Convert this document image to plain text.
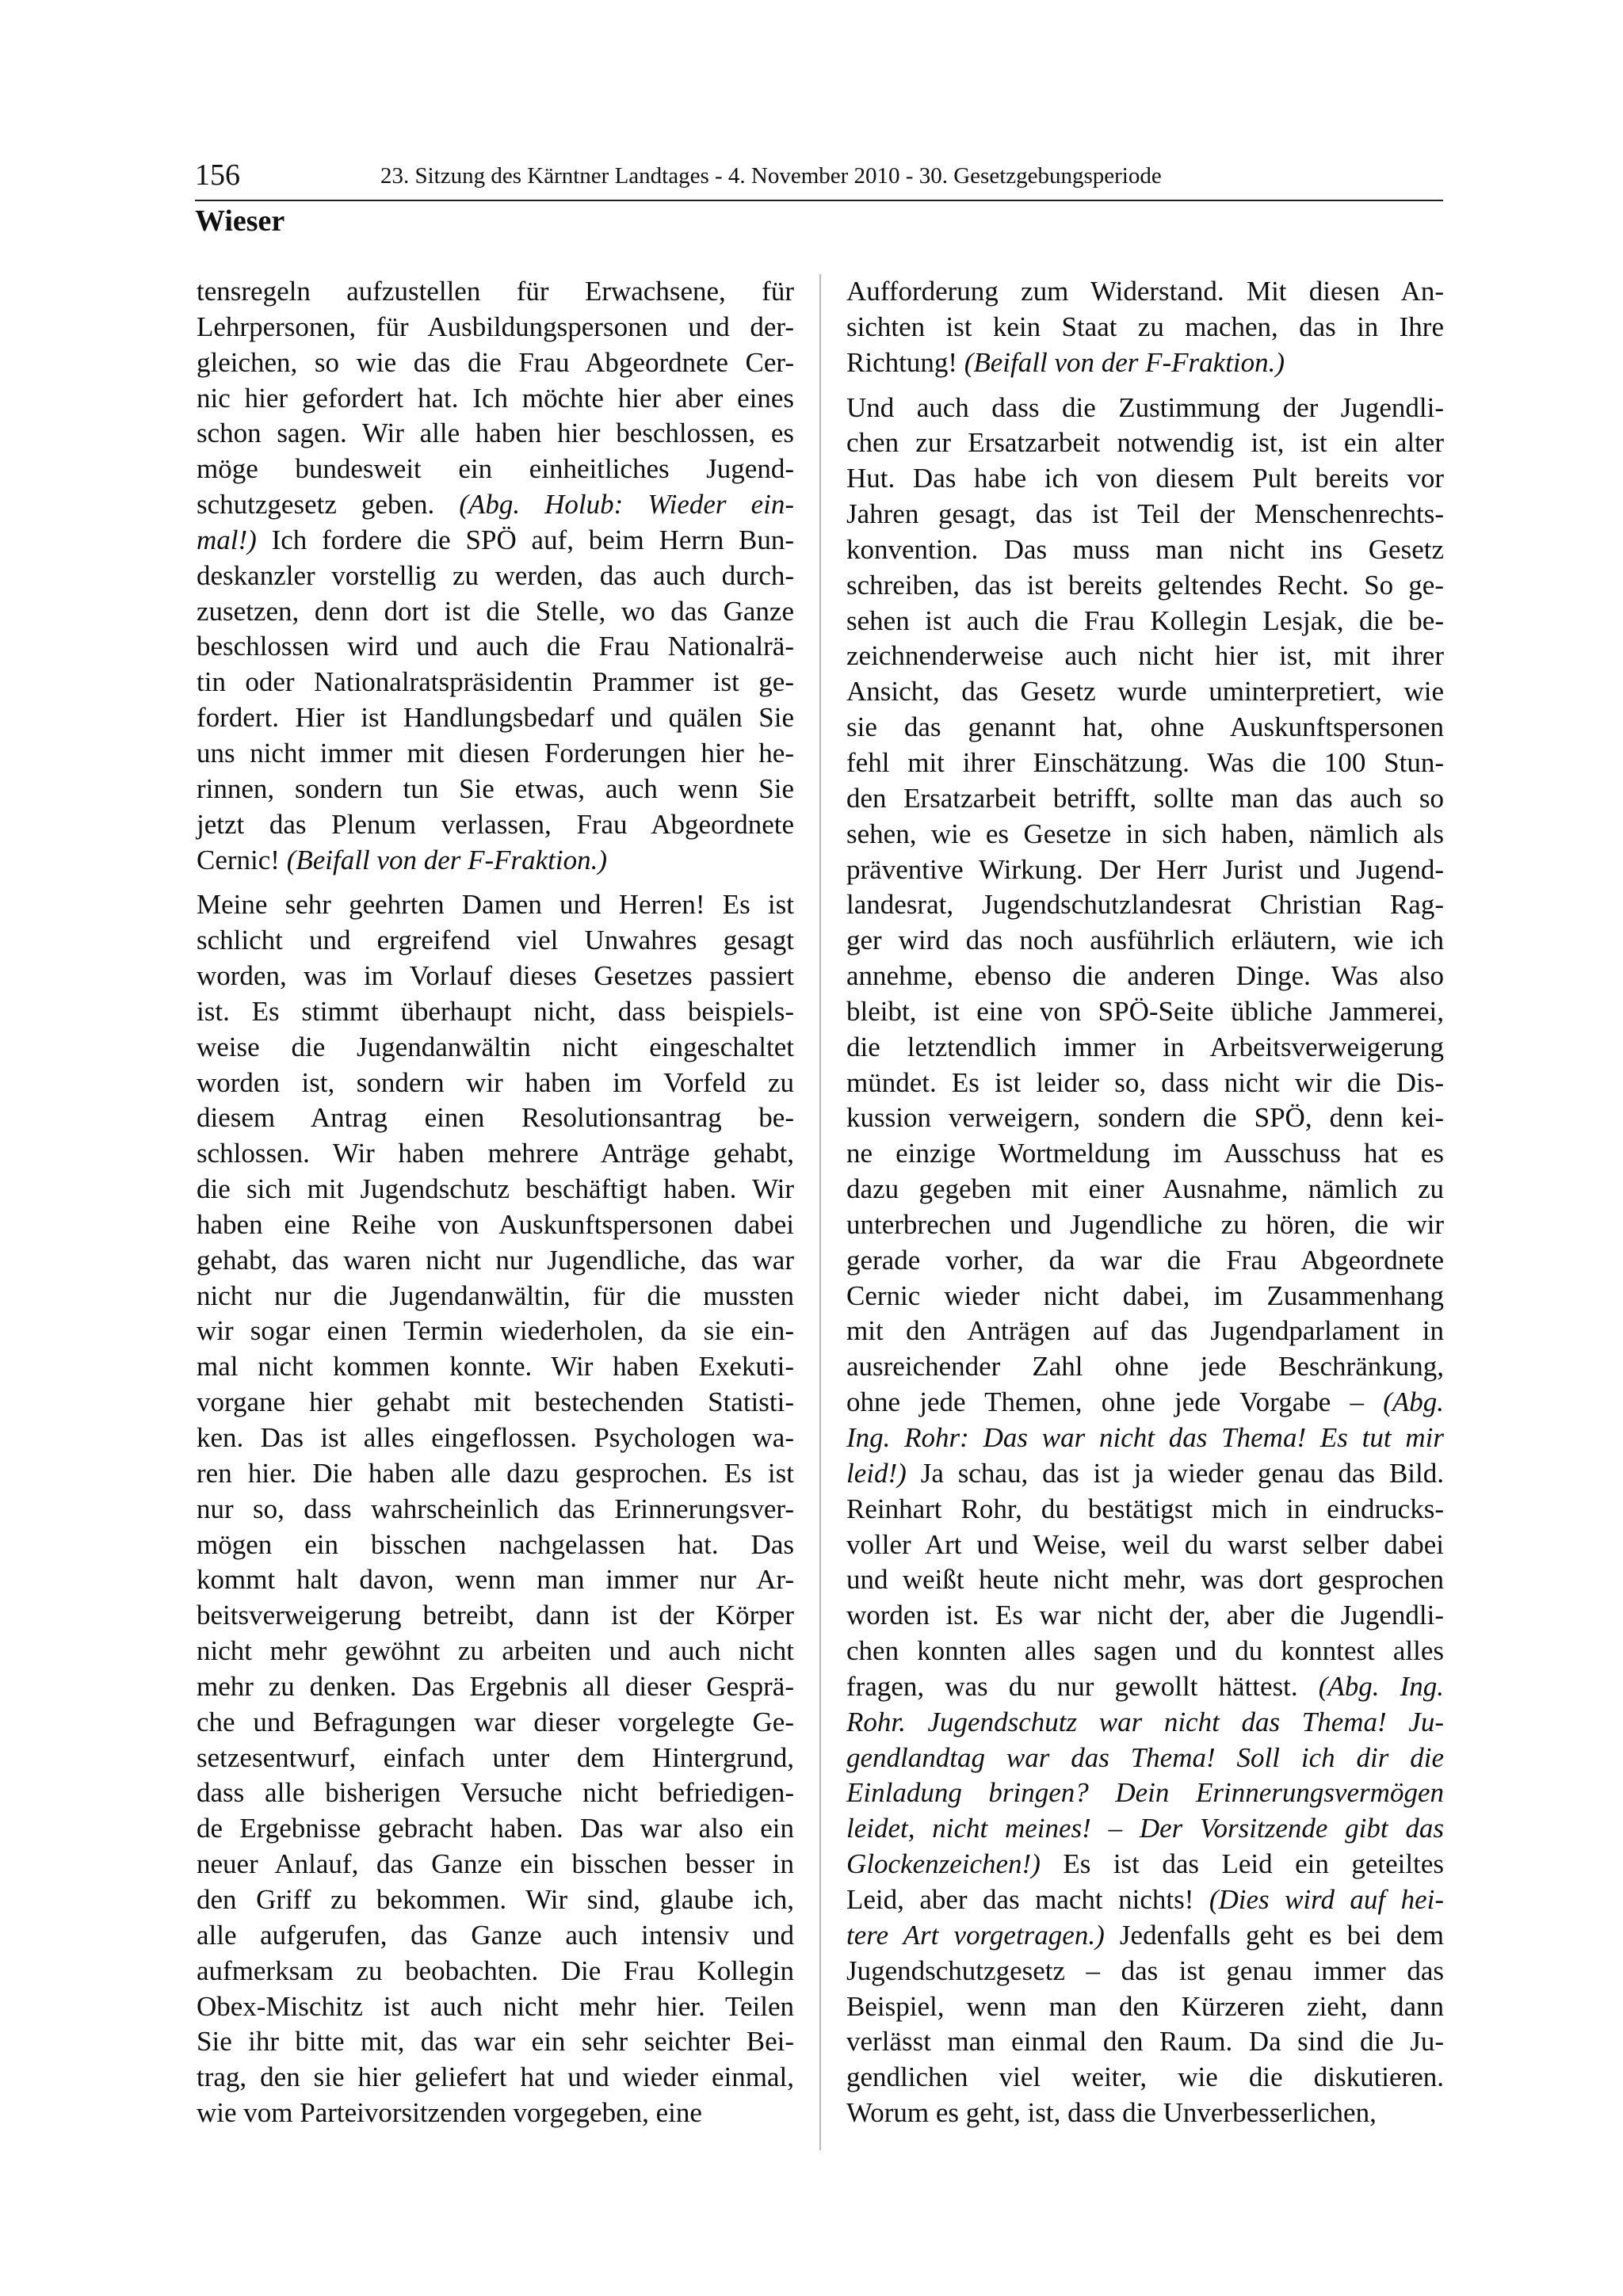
156	23. Sitzung des Kärntner Landtages - 4. November 2010 - 30. Gesetzgebungsperiode
Wieser
tensregeln aufzustellen für Erwachsene, für
Lehrpersonen, für Ausbildungspersonen und der-
gleichen, so wie das die Frau Abgeordnete Cer-
nic hier gefordert hat. Ich möchte hier aber eines
schon sagen. Wir alle haben hier beschlossen, es
möge bundesweit ein einheitliches Jugend-
schutzgesetz geben. (Abg. Holub: Wieder ein-
mal!) Ich fordere die SPÖ auf, beim Herrn Bun-
deskanzler vorstellig zu werden, das auch durch-
zusetzen, denn dort ist die Stelle, wo das Ganze
beschlossen wird und auch die Frau Nationalrä-
tin oder Nationalratspräsidentin Prammer ist ge-
fordert. Hier ist Handlungsbedarf und quälen Sie
uns nicht immer mit diesen Forderungen hier he-
rinnen, sondern tun Sie etwas, auch wenn Sie
jetzt das Plenum verlassen, Frau Abgeordnete
Cernic! (Beifall von der F-Fraktion.)
Meine sehr geehrten Damen und Herren! Es ist
schlicht und ergreifend viel Unwahres gesagt
worden, was im Vorlauf dieses Gesetzes passiert
ist. Es stimmt überhaupt nicht, dass beispiels-
weise die Jugendanwältin nicht eingeschaltet
worden ist, sondern wir haben im Vorfeld zu
diesem Antrag einen Resolutionsantrag be-
schlossen. Wir haben mehrere Anträge gehabt,
die sich mit Jugendschutz beschäftigt haben. Wir
haben eine Reihe von Auskunftspersonen dabei
gehabt, das waren nicht nur Jugendliche, das war
nicht nur die Jugendanwältin, für die mussten
wir sogar einen Termin wiederholen, da sie ein-
mal nicht kommen konnte. Wir haben Exekuti-
vorgane hier gehabt mit bestechenden Statisti-
ken. Das ist alles eingeflossen. Psychologen wa-
ren hier. Die haben alle dazu gesprochen. Es ist
nur so, dass wahrscheinlich das Erinnerungsver-
mögen ein bisschen nachgelassen hat. Das
kommt halt davon, wenn man immer nur Ar-
beitsverweigerung betreibt, dann ist der Körper
nicht mehr gewöhnt zu arbeiten und auch nicht
mehr zu denken. Das Ergebnis all dieser Gesprä-
che und Befragungen war dieser vorgelegte Ge-
setzesentwurf, einfach unter dem Hintergrund,
dass alle bisherigen Versuche nicht befriedigen-
de Ergebnisse gebracht haben. Das war also ein
neuer Anlauf, das Ganze ein bisschen besser in
den Griff zu bekommen. Wir sind, glaube ich,
alle aufgerufen, das Ganze auch intensiv und
aufmerksam zu beobachten. Die Frau Kollegin
Obex-Mischitz ist auch nicht mehr hier. Teilen
Sie ihr bitte mit, das war ein sehr seichter Bei-
trag, den sie hier geliefert hat und wieder einmal,
wie vom Parteivorsitzenden vorgegeben, eine
Aufforderung zum Widerstand. Mit diesen An-
sichten ist kein Staat zu machen, das in Ihre
Richtung! (Beifall von der F-Fraktion.)
Und auch dass die Zustimmung der Jugendli-
chen zur Ersatzarbeit notwendig ist, ist ein alter
Hut. Das habe ich von diesem Pult bereits vor
Jahren gesagt, das ist Teil der Menschenrechts-
konvention. Das muss man nicht ins Gesetz
schreiben, das ist bereits geltendes Recht. So ge-
sehen ist auch die Frau Kollegin Lesjak, die be-
zeichnenderweise auch nicht hier ist, mit ihrer
Ansicht, das Gesetz wurde uminterpretiert, wie
sie das genannt hat, ohne Auskunftspersonen
fehl mit ihrer Einschätzung. Was die 100 Stun-
den Ersatzarbeit betrifft, sollte man das auch so
sehen, wie es Gesetze in sich haben, nämlich als
präventive Wirkung. Der Herr Jurist und Jugend-
landesrat, Jugendschutzlandesrat Christian Rag-
ger wird das noch ausführlich erläutern, wie ich
annehme, ebenso die anderen Dinge. Was also
bleibt, ist eine von SPÖ-Seite übliche Jammerei,
die letztendlich immer in Arbeitsverweigerung
mündet. Es ist leider so, dass nicht wir die Dis-
kussion verweigern, sondern die SPÖ, denn kei-
ne einzige Wortmeldung im Ausschuss hat es
dazu gegeben mit einer Ausnahme, nämlich zu
unterbrechen und Jugendliche zu hören, die wir
gerade vorher, da war die Frau Abgeordnete
Cernic wieder nicht dabei, im Zusammenhang
mit den Anträgen auf das Jugendparlament in
ausreichender Zahl ohne jede Beschränkung,
ohne jede Themen, ohne jede Vorgabe – (Abg.
Ing. Rohr: Das war nicht das Thema! Es tut mir
leid!) Ja schau, das ist ja wieder genau das Bild.
Reinhart Rohr, du bestätigst mich in eindrucks-
voller Art und Weise, weil du warst selber dabei
und weißt heute nicht mehr, was dort gesprochen
worden ist. Es war nicht der, aber die Jugendli-
chen konnten alles sagen und du konntest alles
fragen, was du nur gewollt hättest. (Abg. Ing.
Rohr. Jugendschutz war nicht das Thema! Ju-
gendlandtag war das Thema! Soll ich dir die
Einladung bringen? Dein Erinnerungsvermögen
leidet, nicht meines! – Der Vorsitzende gibt das
Glockenzeichen!) Es ist das Leid ein geteiltes
Leid, aber das macht nichts! (Dies wird auf hei-
tere Art vorgetragen.) Jedenfalls geht es bei dem
Jugendschutzgesetz – das ist genau immer das
Beispiel, wenn man den Kürzeren zieht, dann
verlässt man einmal den Raum. Da sind die Ju-
gendlichen viel weiter, wie die diskutieren.
Worum es geht, ist, dass die Unverbesserlichen,
